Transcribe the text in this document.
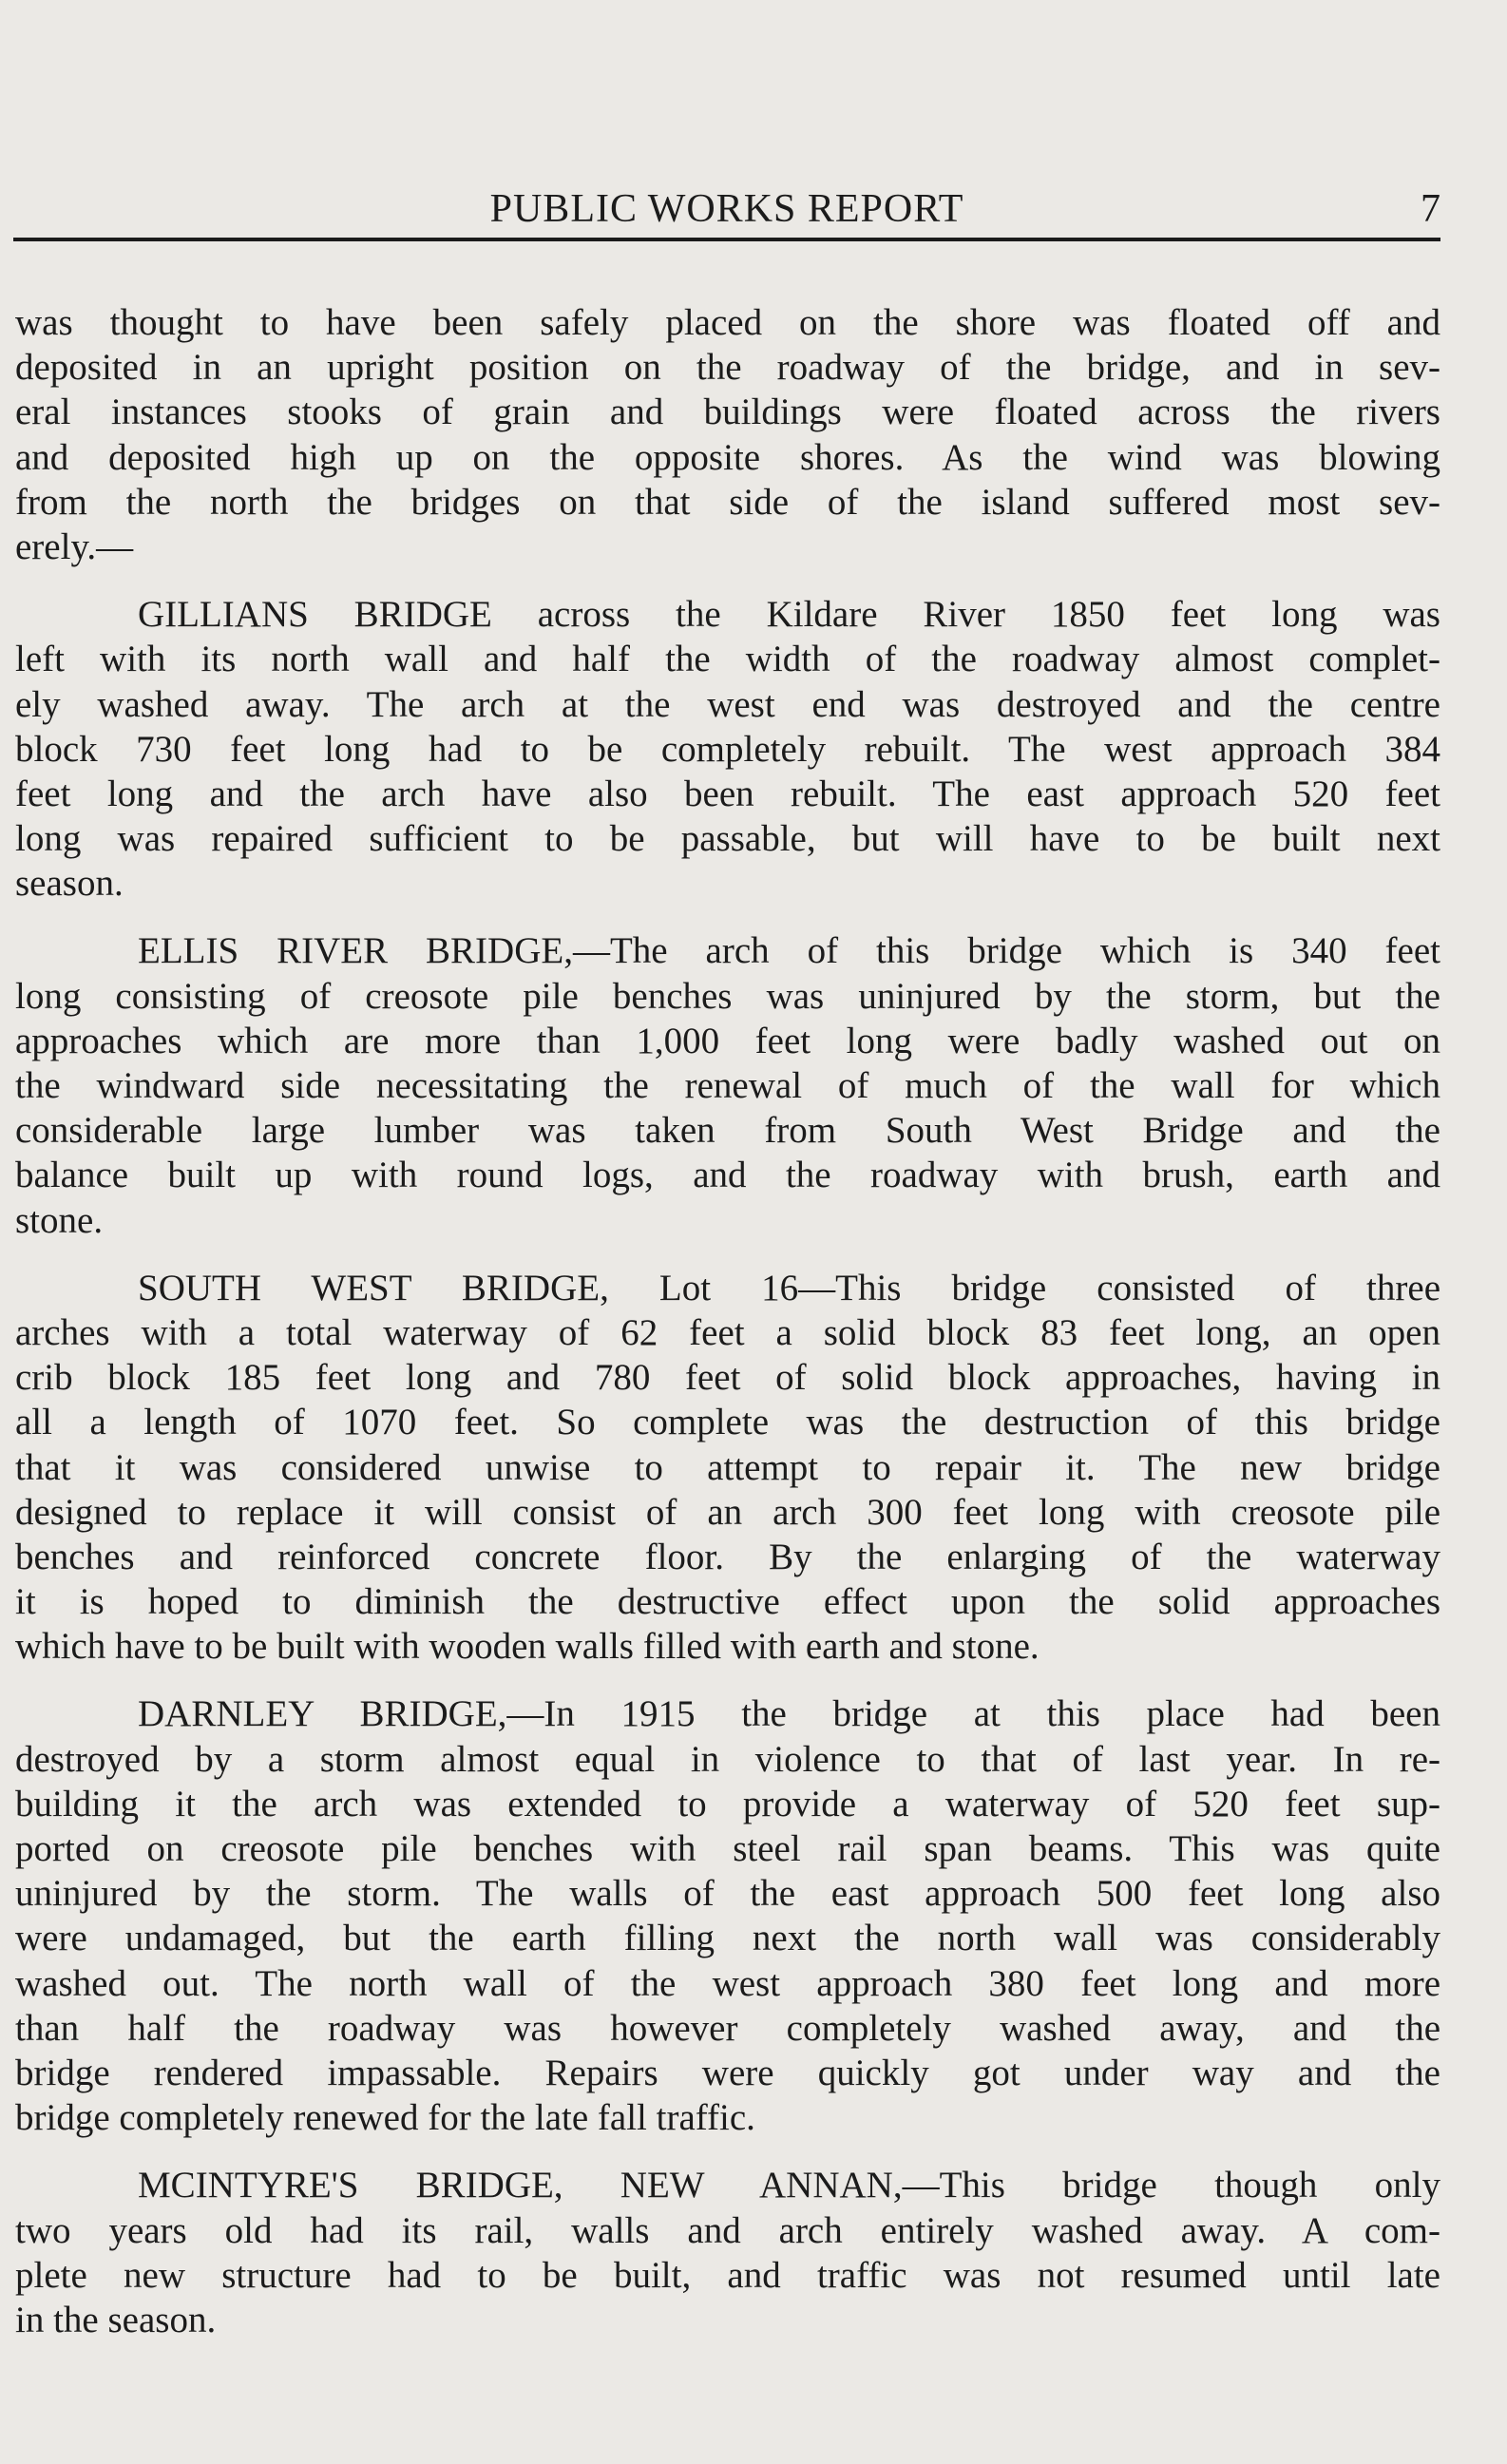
PUBLIC WORKS REPORT	7
was thought to have been safely placed on the shore was floated off and
deposited in an upright position on the roadway of the bridge, and in sev-
eral instances stooks of grain and buildings were floated across the rivers
and deposited high up on the opposite shores. As the wind was blowing
from the north the bridges on that side of the island suffered most sev-
erely.—
GILLIANS BRIDGE across the Kildare River 1850 feet long was
left with its north wall and half the width of the roadway almost complet-
ely washed away. The arch at the west end was destroyed and the centre
block 730 feet long had to be completely rebuilt. The west approach 384
feet long and the arch have also been rebuilt. The east approach 520 feet
long was repaired sufficient to be passable, but will have to be built next
season.
ELLIS RIVER BRIDGE,—The arch of this bridge which is 340 feet
long consisting of creosote pile benches was uninjured by the storm, but the
approaches which are more than 1,000 feet long were badly washed out on
the windward side necessitating the renewal of much of the wall for which
considerable large lumber was taken from South West Bridge and the
balance built up with round logs, and the roadway with brush, earth and
stone.
SOUTH WEST BRIDGE, Lot 16—This bridge consisted of three
arches with a total waterway of 62 feet a solid block 83 feet long, an open
crib block 185 feet long and 780 feet of solid block approaches, having in
all a length of 1070 feet. So complete was the destruction of this bridge
that it was considered unwise to attempt to repair it. The new bridge
designed to replace it will consist of an arch 300 feet long with creosote pile
benches and reinforced concrete floor. By the enlarging of the waterway
it is hoped to diminish the destructive effect upon the solid approaches
which have to be built with wooden walls filled with earth and stone.
DARNLEY BRIDGE,—In 1915 the bridge at this place had been
destroyed by a storm almost equal in violence to that of last year. In re-
building it the arch was extended to provide a waterway of 520 feet sup-
ported on creosote pile benches with steel rail span beams. This was quite
uninjured by the storm. The walls of the east approach 500 feet long also
were undamaged, but the earth filling next the north wall was considerably
washed out. The north wall of the west approach 380 feet long and more
than half the roadway was however completely washed away, and the
bridge rendered impassable. Repairs were quickly got under way and the
bridge completely renewed for the late fall traffic.
MCINTYRE'S BRIDGE, NEW ANNAN,—This bridge though only
two years old had its rail, walls and arch entirely washed away. A com-
plete new structure had to be built, and traffic was not resumed until late
in the season.
